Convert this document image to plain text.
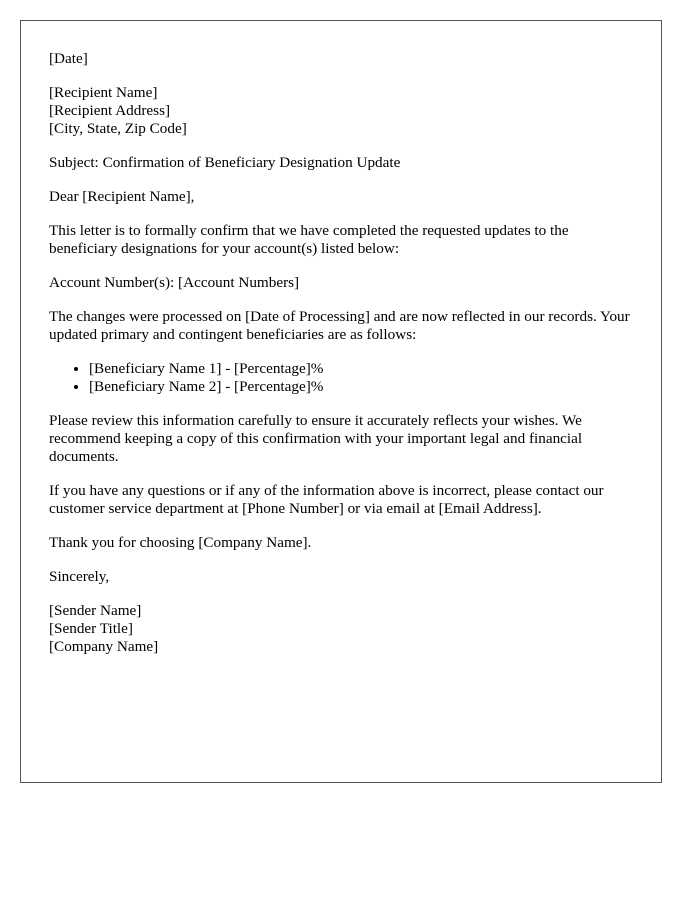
[Date]

[Recipient Name]

[Recipient Address]

[City, State, Zip Code]

Subject: Confirmation of Beneficiary Designation Update

Dear [Recipient Name],

This letter is to formally confirm that we have completed the requested updates to the beneficiary designations for your account(s) listed below:

Account Number(s): [Account Numbers]

The changes were processed on [Date of Processing] and are now reflected in our records. Your updated primary and contingent beneficiaries are as follows:

• [Beneficiary Name 1] - [Percentage]%
• [Beneficiary Name 2] - [Percentage]%

Please review this information carefully to ensure it accurately reflects your wishes. We recommend keeping a copy of this confirmation with your important legal and financial documents.

If you have any questions or if any of the information above is incorrect, please contact our customer service department at [Phone Number] or via email at [Email Address].

Thank you for choosing [Company Name].

Sincerely,

[Sender Name]

[Sender Title]

[Company Name]
